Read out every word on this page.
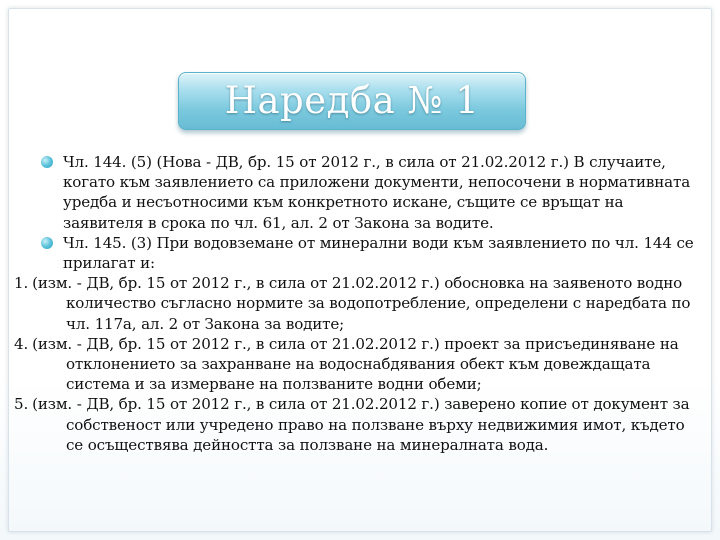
Наредба № 1

Чл. 144. (5) (Нова - ДВ, бр. 15 от 2012 г., в сила от 21.02.2012 г.) В случаите, когато към заявлението са приложени документи, непосочени в нормативната уредба и несъотносими към конкретното искане, същите се връщат на заявителя в срока по чл. 61, ал. 2 от Закона за водите.

Чл. 145. (3) При водовземане от минерални води към заявлението по чл. 144 се прилагат и:

1. (изм. - ДВ, бр. 15 от 2012 г., в сила от 21.02.2012 г.) обосновка на заявеното водно количество съгласно нормите за водопотребление, определени с наредбата по чл. 117а, ал. 2 от Закона за водите;

4. (изм. - ДВ, бр. 15 от 2012 г., в сила от 21.02.2012 г.) проект за присъединяване на отклонението за захранване на водоснабдявания обект към довеждащата система и за измерване на ползваните водни обеми;

5. (изм. - ДВ, бр. 15 от 2012 г., в сила от 21.02.2012 г.) заверено копие от документ за собственост или учредено право на ползване върху недвижимия имот, където се осъществява дейността за ползване на минералната вода.
